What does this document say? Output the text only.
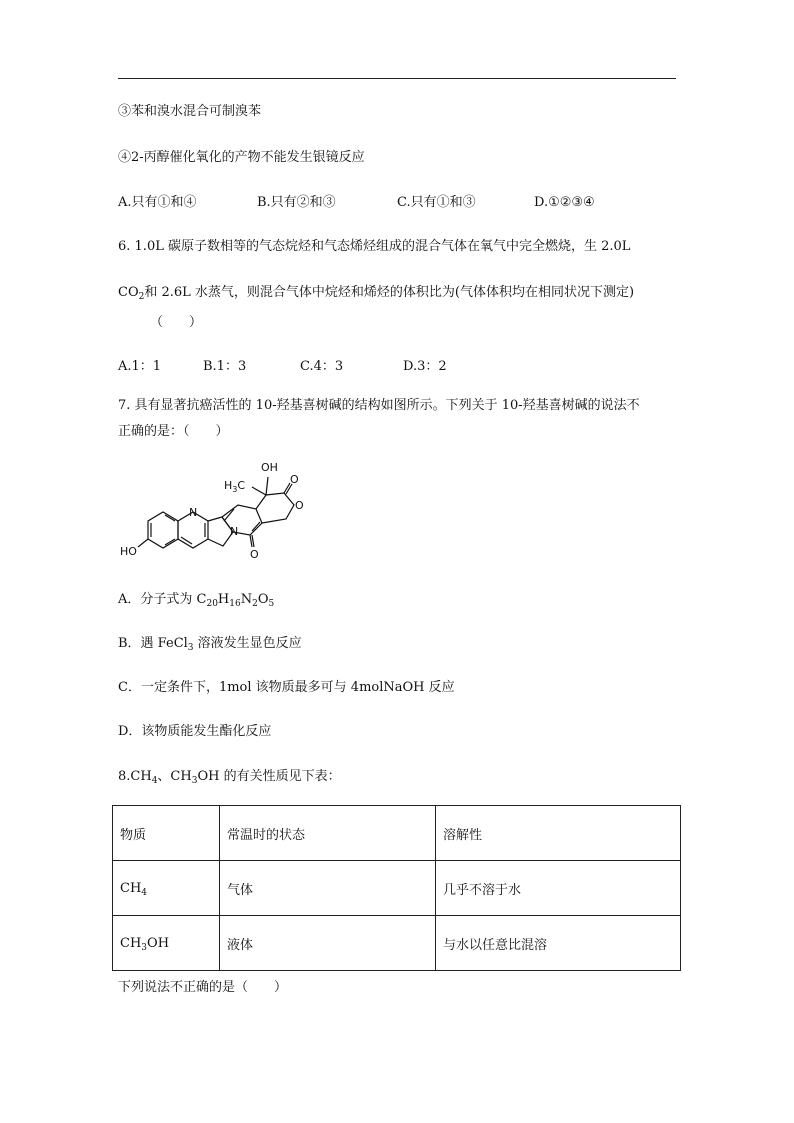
③苯和溴水混合可制溴苯
④2-丙醇催化氧化的产物不能发生银镜反应
A.只有①和④	B.只有②和③	C.只有①和③	D.①②③④
6. 1.0L 碳原子数相等的气态烷烃和气态烯烃组成的混合气体在氧气中完全燃烧，生 2.0L
$CO_2$和 2.6L 水蒸气，则混合气体中烷烃和烯烃的体积比为(气体体积均在相同状况下测定)
（　　）
A.1：1	B.1：3	C.4：3	D.3：2
7. 具有显著抗癌活性的 10-羟基喜树碱的结构如图所示。下列关于 10-羟基喜树碱的说法不
正确的是：（　　）
OH
$H_3C$
N
N
O
O
O
HO
A．分子式为 $C_{20}H_{16}N_2O_5$
B．遇 FeCl$_3$ 溶液发生显色反应
C．一定条件下，1mol 该物质最多可与 4molNaOH 反应
D．该物质能发生酯化反应
$8.CH_4$、$CH_3OH$ 的有关性质见下表：
物质	常温时的状态	溶解性
$CH_4$	气体	几乎不溶于水
$CH_3OH$	液体	与水以任意比混溶
下列说法不正确的是（　　）
